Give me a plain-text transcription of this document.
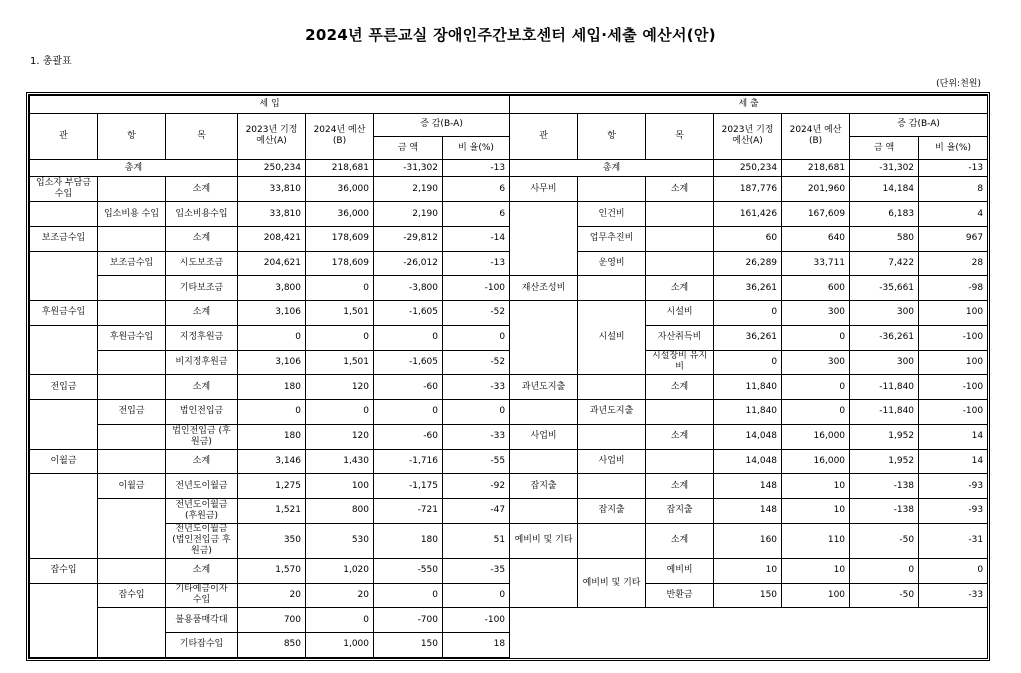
2024년 푸른교실 장애인주간보호센터 세입·세출 예산서(안)
1. 총괄표
(단위:천원)
세 입							세 출						
관	항	목	2023년 기정예산(A)	2024년 예산(B)	증 감(B-A)		관	항	목	2023년 기정예산(A)	2024년 예산(B)	증 감(B-A)	
					금 액	비 율(%)						금 액	비 율(%)
총계			250,234	218,681	-31,302	-13	총계			250,234	218,681	-31,302	-13
입소자 부담금수입		소계	33,810	36,000	2,190	6	사무비		소계	187,776	201,960	14,184	8
	입소비용 수입	입소비용수입	33,810	36,000	2,190	6		인건비		161,426	167,609	6,183	4
보조금수입		소계	208,421	178,609	-29,812	-14		업무추진비		60	640	580	967
	보조금수입	시도보조금	204,621	178,609	-26,012	-13		운영비		26,289	33,711	7,422	28
		기타보조금	3,800	0	-3,800	-100	재산조성비		소계	36,261	600	-35,661	-98
후원금수입		소계	3,106	1,501	-1,605	-52		시설비	시설비	0	300	300	100
	후원금수입	지정후원금	0	0	0	0			자산취득비	36,261	0	-36,261	-100
		비지정후원금	3,106	1,501	-1,605	-52			시설장비 유지비	0	300	300	100
전입금		소계	180	120	-60	-33	과년도지출		소계	11,840	0	-11,840	-100
	전입금	법인전입금	0	0	0	0		과년도지출		11,840	0	-11,840	-100
		법인전입금 (후원금)	180	120	-60	-33	사업비		소계	14,048	16,000	1,952	14
이월금		소계	3,146	1,430	-1,716	-55		사업비		14,048	16,000	1,952	14
	이월금	전년도이월금	1,275	100	-1,175	-92	잡지출		소계	148	10	-138	-93
		전년도이월금 (후원금)	1,521	800	-721	-47		잡지출	잡지출	148	10	-138	-93
		전년도이월금 (법인전입금 후원금)	350	530	180	51	예비비 및 기타		소계	160	110	-50	-31
잡수입		소계	1,570	1,020	-550	-35		예비비 및 기타	예비비	10	10	0	0
	잡수입	기타예금이자 수입	20	20	0	0			반환금	150	100	-50	-33
		불용품매각대	700	0	-700	-100							
		기타잡수입	850	1,000	150	18							
